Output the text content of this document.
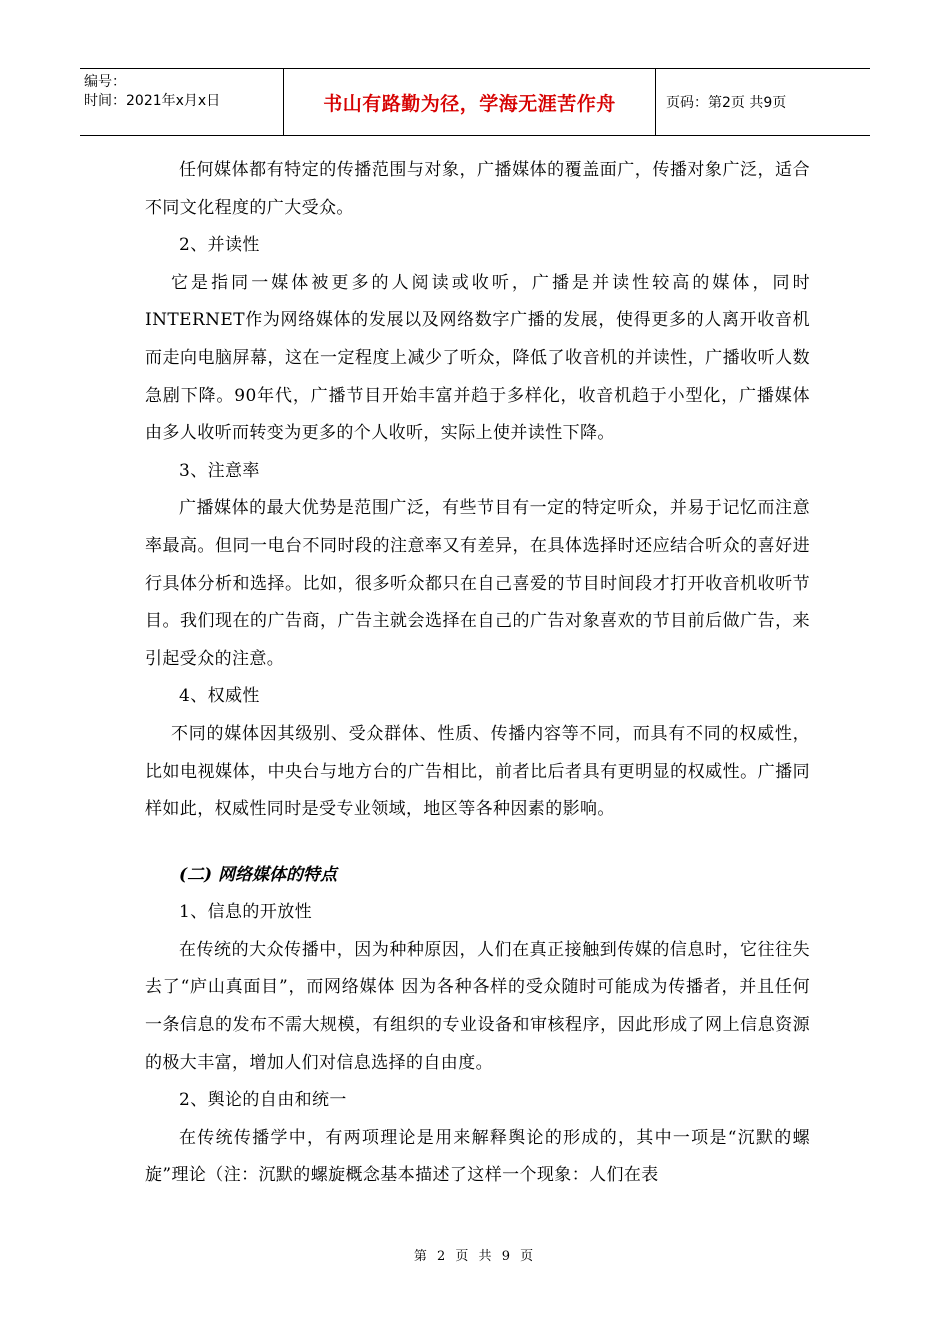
编号：
时间：2021年x月x日	书山有路勤为径，学海无涯苦作舟	页码：第2页 共9页

任何媒体都有特定的传播范围与对象，广播媒体的覆盖面广，传播对象广泛，适合不同文化程度的广大受众。

2、并读性

它是指同一媒体被更多的人阅读或收听，广播是并读性较高的媒体，同时INTERNET作为网络媒体的发展以及网络数字广播的发展，使得更多的人离开收音机而走向电脑屏幕，这在一定程度上减少了听众，降低了收音机的并读性，广播收听人数急剧下降。90年代，广播节目开始丰富并趋于多样化，收音机趋于小型化，广播媒体由多人收听而转变为更多的个人收听，实际上使并读性下降。

3、注意率

广播媒体的最大优势是范围广泛，有些节目有一定的特定听众，并易于记忆而注意率最高。但同一电台不同时段的注意率又有差异，在具体选择时还应结合听众的喜好进行具体分析和选择。比如，很多听众都只在自己喜爱的节目时间段才打开收音机收听节目。我们现在的广告商，广告主就会选择在自己的广告对象喜欢的节目前后做广告，来引起受众的注意。

4、权威性

不同的媒体因其级别、受众群体、性质、传播内容等不同，而具有不同的权威性，比如电视媒体，中央台与地方台的广告相比，前者比后者具有更明显的权威性。广播同样如此，权威性同时是受专业领域，地区等各种因素的影响。

(二) 网络媒体的特点

1、信息的开放性

在传统的大众传播中，因为种种原因，人们在真正接触到传媒的信息时，它往往失去了“庐山真面目”，而网络媒体 因为各种各样的受众随时可能成为传播者，并且任何一条信息的发布不需大规模，有组织的专业设备和审核程序，因此形成了网上信息资源的极大丰富，增加人们对信息选择的自由度。

2、舆论的自由和统一

在传统传播学中，有两项理论是用来解释舆论的形成的，其中一项是“沉默的螺旋”理论（注：沉默的螺旋概念基本描述了这样一个现象：人们在表

第 2 页 共 9 页
